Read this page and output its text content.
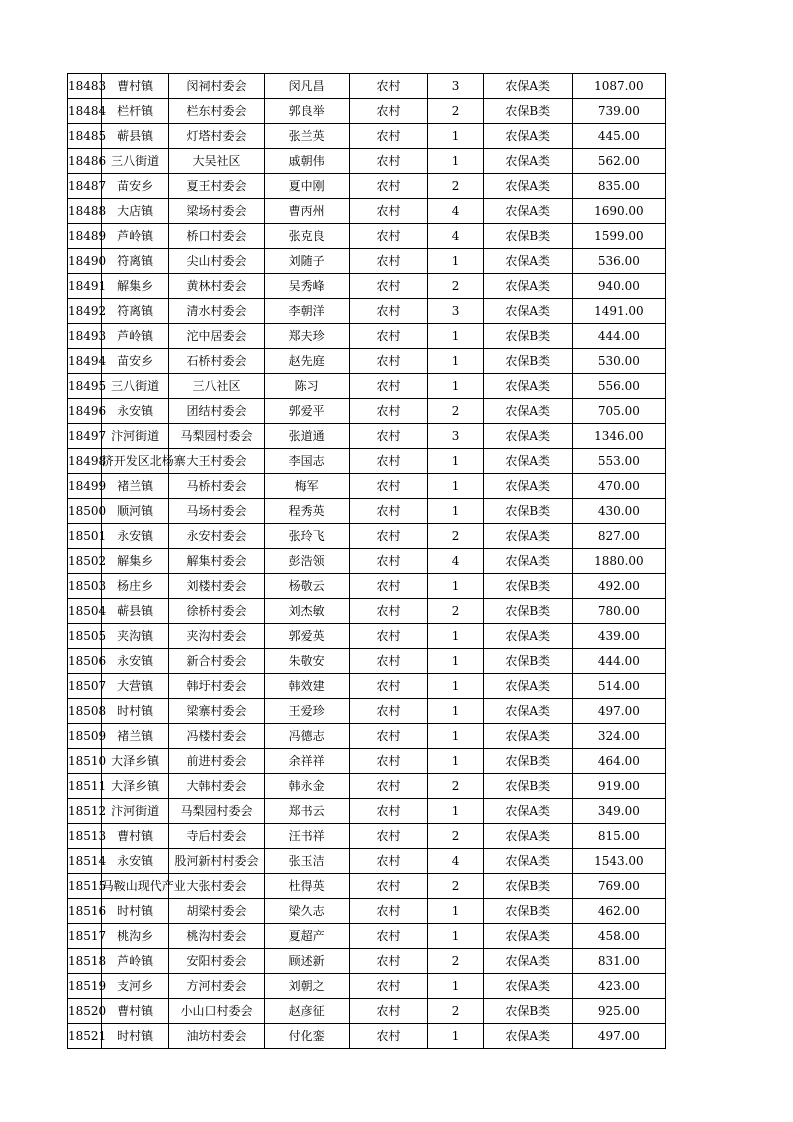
18483	曹村镇	闵祠村委会	闵凡昌	农村	3	农保A类	1087.00
18484	栏杆镇	栏东村委会	郭良举	农村	2	农保B类	739.00
18485	蕲县镇	灯塔村委会	张兰英	农村	1	农保A类	445.00
18486	三八街道	大吴社区	戚朝伟	农村	1	农保A类	562.00
18487	苗安乡	夏王村委会	夏中刚	农村	2	农保A类	835.00
18488	大店镇	梁场村委会	曹丙州	农村	4	农保A类	1690.00
18489	芦岭镇	桥口村委会	张克良	农村	4	农保B类	1599.00
18490	符离镇	尖山村委会	刘随子	农村	1	农保A类	536.00
18491	解集乡	黄林村委会	吴秀峰	农村	2	农保A类	940.00
18492	符离镇	清水村委会	李朝洋	农村	3	农保A类	1491.00
18493	芦岭镇	沱中居委会	郑夫珍	农村	1	农保B类	444.00
18494	苗安乡	石桥村委会	赵先庭	农村	1	农保B类	530.00
18495	三八街道	三八社区	陈习	农村	1	农保A类	556.00
18496	永安镇	团结村委会	郭爱平	农村	2	农保A类	705.00
18497	汴河街道	马梨园村委会	张道通	农村	3	农保A类	1346.00
18498	济开发区北杨寨	大王村委会	李国志	农村	1	农保A类	553.00
18499	褚兰镇	马桥村委会	梅军	农村	1	农保A类	470.00
18500	顺河镇	马场村委会	程秀英	农村	1	农保B类	430.00
18501	永安镇	永安村委会	张玲飞	农村	2	农保A类	827.00
18502	解集乡	解集村委会	彭浩领	农村	4	农保A类	1880.00
18503	杨庄乡	刘楼村委会	杨敬云	农村	1	农保B类	492.00
18504	蕲县镇	徐桥村委会	刘杰敏	农村	2	农保B类	780.00
18505	夹沟镇	夹沟村委会	郭爱英	农村	1	农保A类	439.00
18506	永安镇	新合村委会	朱敬安	农村	1	农保B类	444.00
18507	大营镇	韩圩村委会	韩效建	农村	1	农保A类	514.00
18508	时村镇	梁寨村委会	王爱珍	农村	1	农保A类	497.00
18509	褚兰镇	冯楼村委会	冯德志	农村	1	农保A类	324.00
18510	大泽乡镇	前进村委会	余祥祥	农村	1	农保B类	464.00
18511	大泽乡镇	大韩村委会	韩永金	农村	2	农保B类	919.00
18512	汴河街道	马梨园村委会	郑书云	农村	1	农保A类	349.00
18513	曹村镇	寺后村委会	汪书祥	农村	2	农保A类	815.00
18514	永安镇	股河新村村委会	张玉洁	农村	4	农保A类	1543.00
18515	马鞍山现代产业	大张村委会	杜得英	农村	2	农保B类	769.00
18516	时村镇	胡梁村委会	梁久志	农村	1	农保B类	462.00
18517	桃沟乡	桃沟村委会	夏超产	农村	1	农保A类	458.00
18518	芦岭镇	安阳村委会	顾述新	农村	2	农保A类	831.00
18519	支河乡	方河村委会	刘朝之	农村	1	农保A类	423.00
18520	曹村镇	小山口村委会	赵彦征	农村	2	农保B类	925.00
18521	时村镇	油坊村委会	付化銮	农村	1	农保A类	497.00
